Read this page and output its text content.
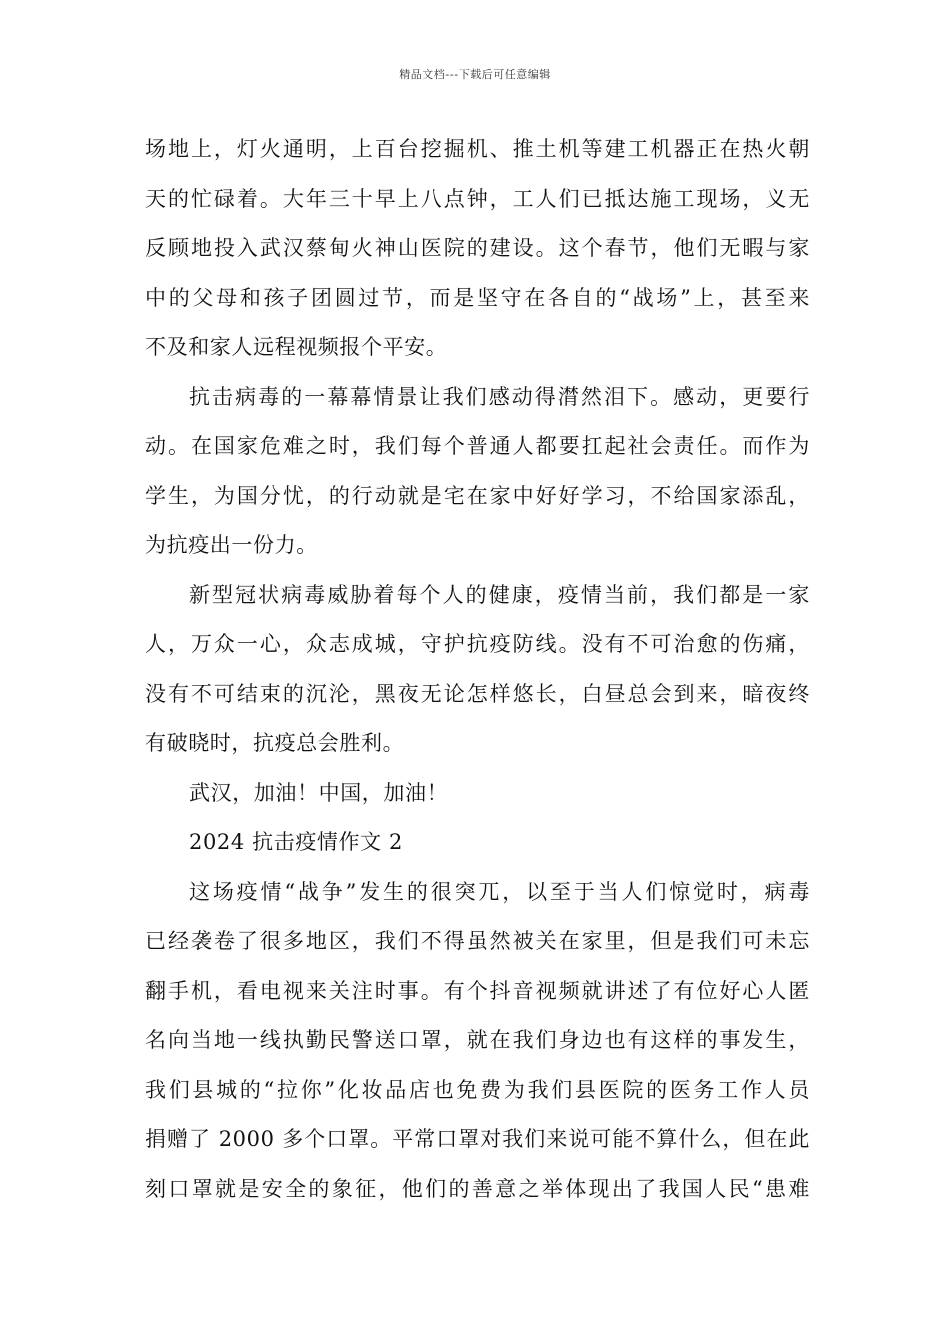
精品文档---下载后可任意编辑
场地上，灯火通明，上百台挖掘机、推土机等建工机器正在热火朝
天的忙碌着。大年三十早上八点钟，工人们已抵达施工现场，义无
反顾地投入武汉蔡甸火神山医院的建设。这个春节，他们无暇与家
中的父母和孩子团圆过节，而是坚守在各自的“战场”上，甚至来
不及和家人远程视频报个平安。
抗击病毒的一幕幕情景让我们感动得潸然泪下。感动，更要行
动。在国家危难之时，我们每个普通人都要扛起社会责任。而作为
学生，为国分忧，的行动就是宅在家中好好学习，不给国家添乱，
为抗疫出一份力。
新型冠状病毒威胁着每个人的健康，疫情当前，我们都是一家
人，万众一心，众志成城，守护抗疫防线。没有不可治愈的伤痛，
没有不可结束的沉沦，黑夜无论怎样悠长，白昼总会到来，暗夜终
有破晓时，抗疫总会胜利。
武汉，加油！中国，加油！
2024 抗击疫情作文 2
这场疫情“战争”发生的很突兀，以至于当人们惊觉时，病毒
已经袭卷了很多地区，我们不得虽然被关在家里，但是我们可未忘
翻手机，看电视来关注时事。有个抖音视频就讲述了有位好心人匿
名向当地一线执勤民警送口罩，就在我们身边也有这样的事发生，
我们县城的“拉你”化妆品店也免费为我们县医院的医务工作人员
捐赠了 2000 多个口罩。平常口罩对我们来说可能不算什么，但在此
刻口罩就是安全的象征，他们的善意之举体现出了我国人民“患难
